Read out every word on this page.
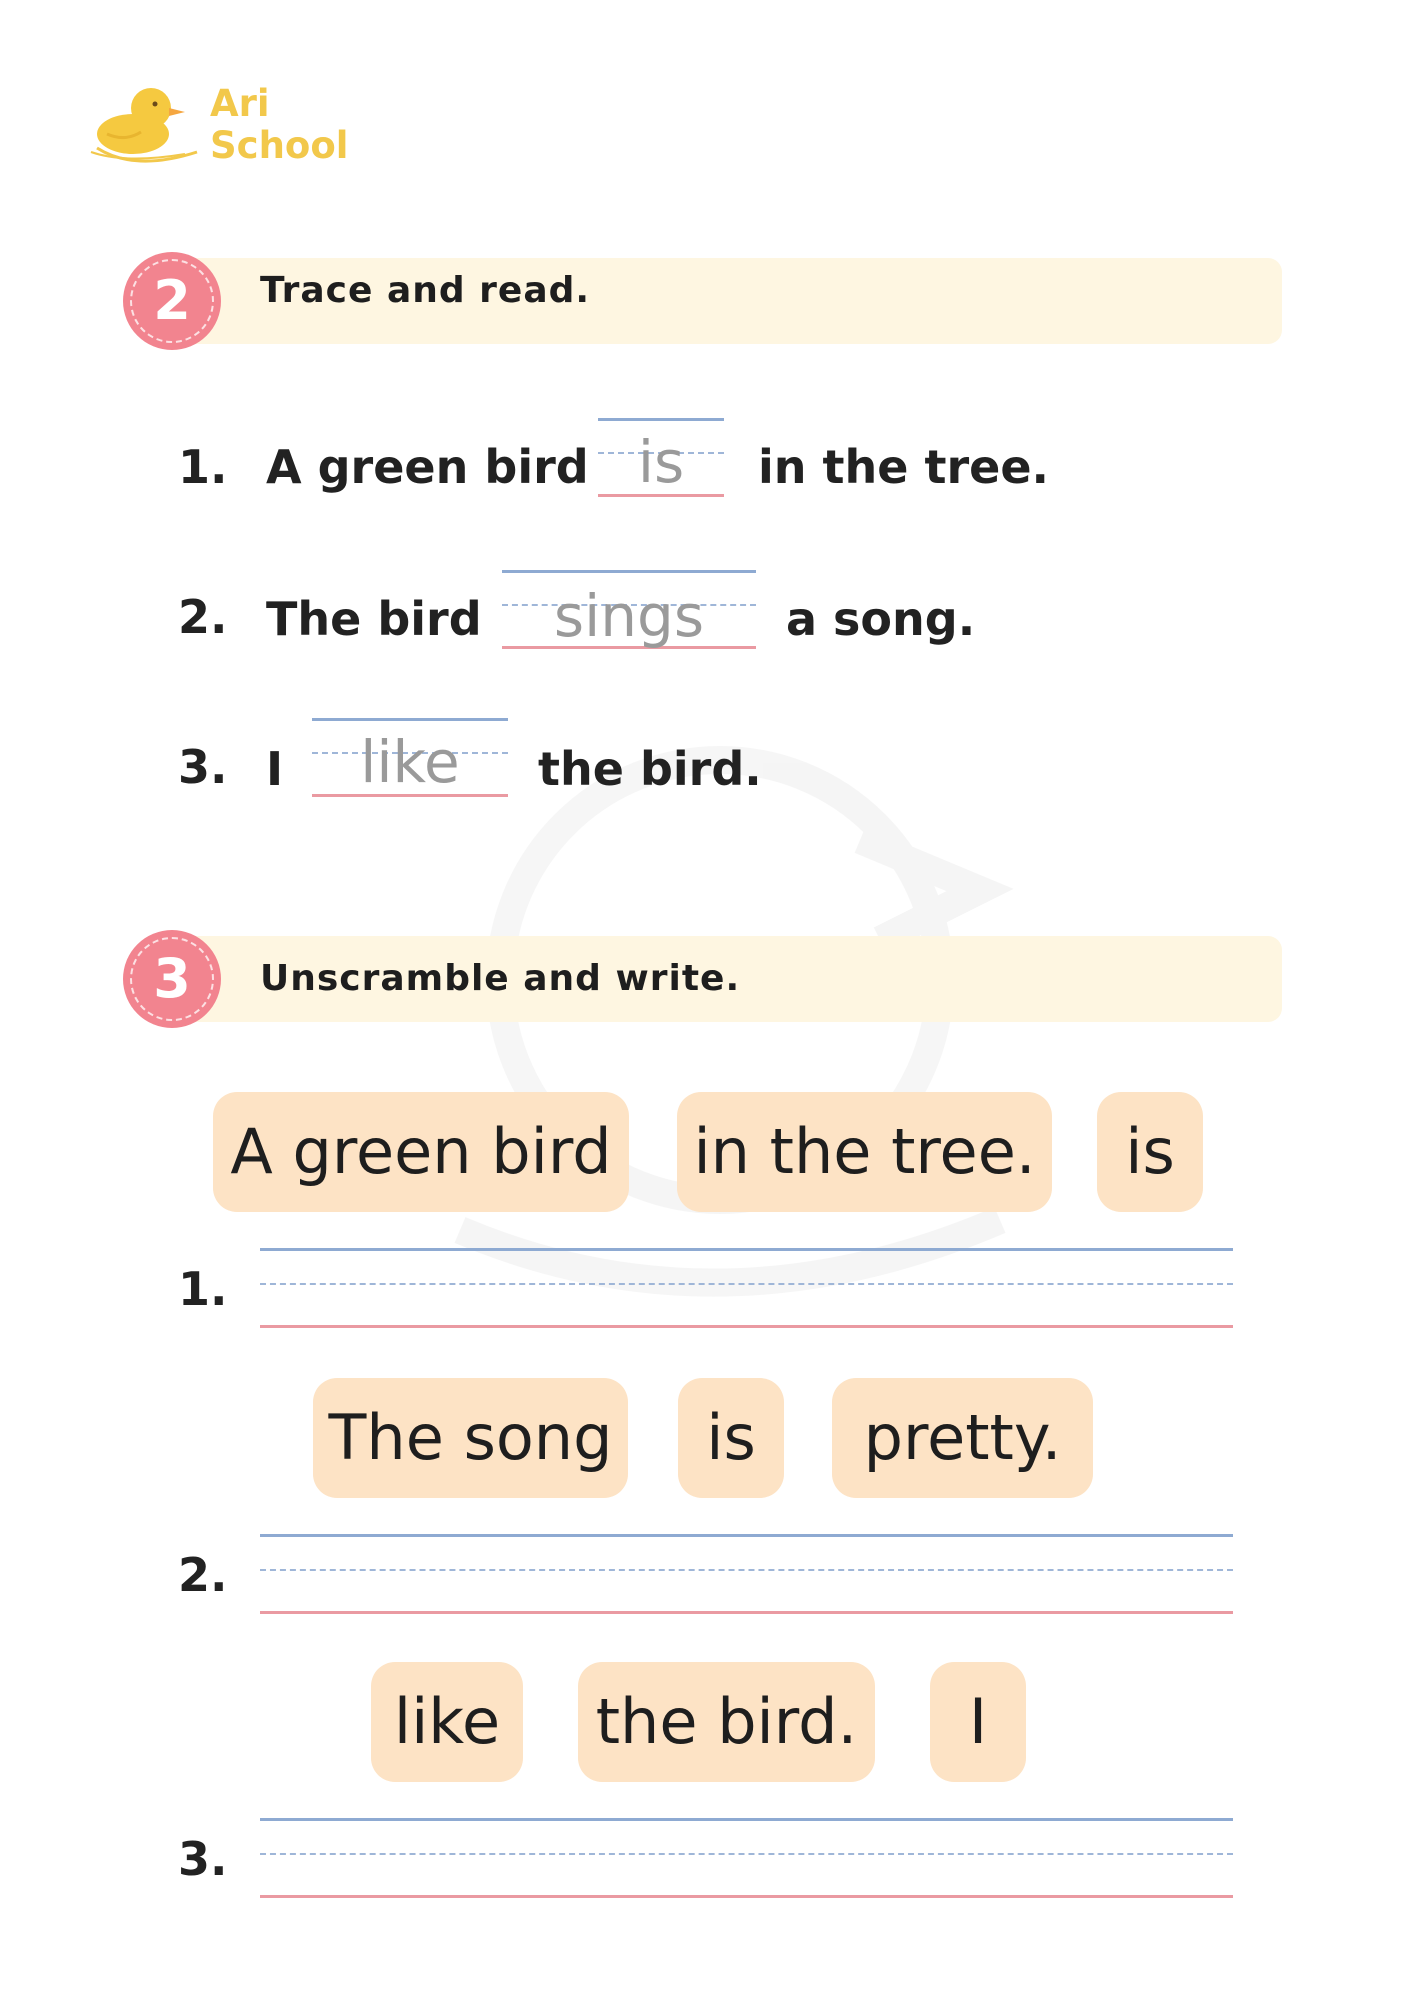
Ari
School
2	Trace and read.
1. A green bird is	in the tree.
2. The bird	sings	a song.
3. I	like	the bird.
3	Unscramble and write.
A green bird in the tree.	is
1.
The song	is	pretty.
2.
like	the bird.	I
3.
